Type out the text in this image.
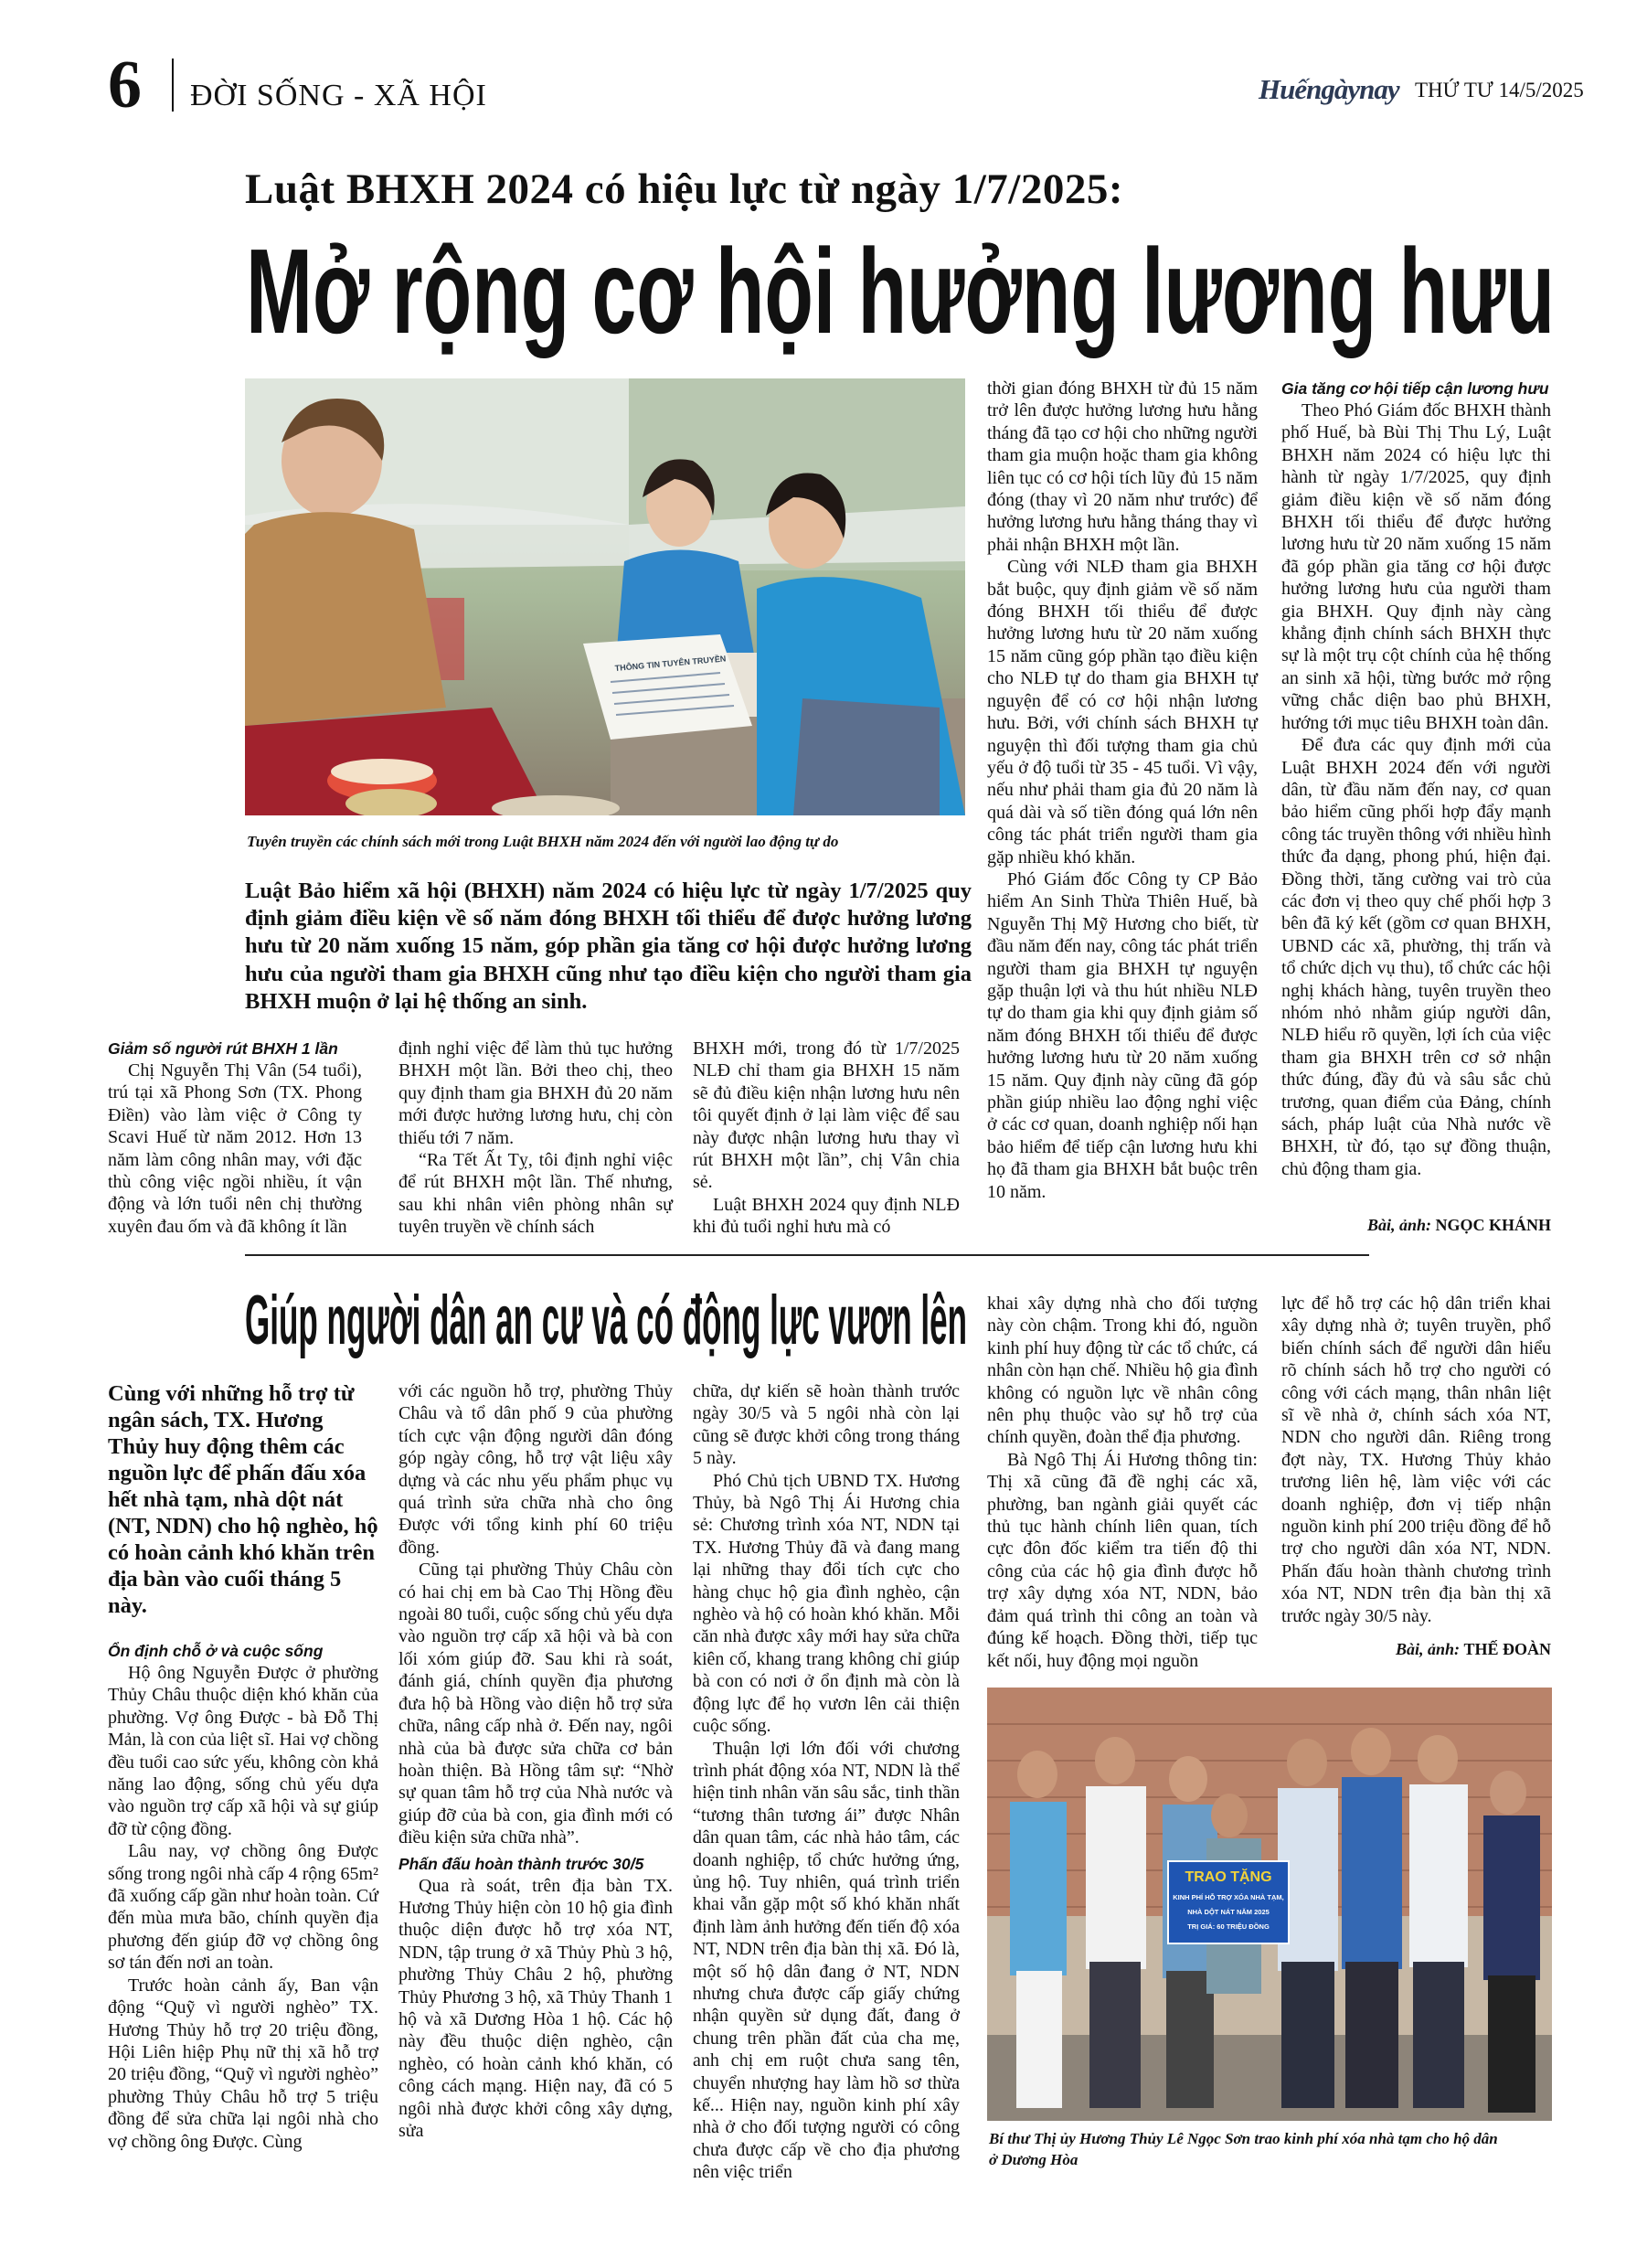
6 ĐỜI SỐNG - XÃ HỘI	Huếngàynay THỨ TƯ 14/5/2025
Luật BHXH 2024 có hiệu lực từ ngày 1/7/2025:
Mở rộng cơ hội hưởng lương hưu
THÔNG TIN TUYÊN TRUYỀN
Tuyên truyền các chính sách mới trong Luật BHXH năm 2024 đến với người lao động tự do
Luật Bảo hiểm xã hội (BHXH) năm 2024 có hiệu lực từ ngày 1/7/2025 quy định giảm điều kiện về số năm đóng BHXH tối thiểu để được hưởng lương hưu từ 20 năm xuống 15 năm, góp phần gia tăng cơ hội được hưởng lương hưu của người tham gia BHXH cũng như tạo điều kiện cho người tham gia BHXH muộn ở lại hệ thống an sinh.
Giảm số người rút BHXH 1 lần

Chị Nguyễn Thị Vân (54 tuổi), trú tại xã Phong Sơn (TX. Phong Điền) vào làm việc ở Công ty Scavi Huế từ năm 2012. Hơn 13 năm làm công nhân may, với đặc thù công việc ngồi nhiều, ít vận động và lớn tuổi nên chị thường xuyên đau ốm và đã không ít lần

định nghỉ việc để làm thủ tục hưởng BHXH một lần. Bởi theo chị, theo quy định tham gia BHXH đủ 20 năm mới được hưởng lương hưu, chị còn thiếu tới 7 năm.

“Ra Tết Ất Tỵ, tôi định nghỉ việc để rút BHXH một lần. Thế nhưng, sau khi nhân viên phòng nhân sự tuyên truyền về chính sách

BHXH mới, trong đó từ 1/7/2025 NLĐ chỉ tham gia BHXH 15 năm sẽ đủ điều kiện nhận lương hưu nên tôi quyết định ở lại làm việc để sau này được nhận lương hưu thay vì rút BHXH một lần”, chị Vân chia sẻ.

Luật BHXH 2024 quy định NLĐ khi đủ tuổi nghỉ hưu mà có

thời gian đóng BHXH từ đủ 15 năm trở lên được hưởng lương hưu hằng tháng đã tạo cơ hội cho những người tham gia muộn hoặc tham gia không liên tục có cơ hội tích lũy đủ 15 năm đóng (thay vì 20 năm như trước) để hưởng lương hưu hằng tháng thay vì phải nhận BHXH một lần.

Cùng với NLĐ tham gia BHXH bắt buộc, quy định giảm về số năm đóng BHXH tối thiểu để được hưởng lương hưu từ 20 năm xuống 15 năm cũng góp phần tạo điều kiện cho NLĐ tự do tham gia BHXH tự nguyện để có cơ hội nhận lương hưu. Bởi, với chính sách BHXH tự nguyện thì đối tượng tham gia chủ yếu ở độ tuổi từ 35 - 45 tuổi. Vì vậy, nếu như phải tham gia đủ 20 năm là quá dài và số tiền đóng quá lớn nên công tác phát triển người tham gia gặp nhiều khó khăn.

Phó Giám đốc Công ty CP Bảo hiểm An Sinh Thừa Thiên Huế, bà Nguyễn Thị Mỹ Hương cho biết, từ đầu năm đến nay, công tác phát triển người tham gia BHXH tự nguyện gặp thuận lợi và thu hút nhiều NLĐ tự do tham gia khi quy định giảm số năm đóng BHXH tối thiểu để được hưởng lương hưu từ 20 năm xuống 15 năm. Quy định này cũng đã góp phần giúp nhiều lao động nghỉ việc ở các cơ quan, doanh nghiệp nối hạn bảo hiểm để tiếp cận lương hưu khi họ đã tham gia BHXH bắt buộc trên 10 năm.

Gia tăng cơ hội tiếp cận lương hưu

Theo Phó Giám đốc BHXH thành phố Huế, bà Bùi Thị Thu Lý, Luật BHXH năm 2024 có hiệu lực thi hành từ ngày 1/7/2025, quy định giảm điều kiện về số năm đóng BHXH tối thiểu để được hưởng lương hưu từ 20 năm xuống 15 năm đã góp phần gia tăng cơ hội được hưởng lương hưu của người tham gia BHXH. Quy định này càng khẳng định chính sách BHXH thực sự là một trụ cột chính của hệ thống an sinh xã hội, từng bước mở rộng vững chắc diện bao phủ BHXH, hướng tới mục tiêu BHXH toàn dân.

Để đưa các quy định mới của Luật BHXH 2024 đến với người dân, từ đầu năm đến nay, cơ quan bảo hiểm cũng phối hợp đẩy mạnh công tác truyền thông với nhiều hình thức đa dạng, phong phú, hiện đại. Đồng thời, tăng cường vai trò của các đơn vị theo quy chế phối hợp 3 bên đã ký kết (gồm cơ quan BHXH, UBND các xã, phường, thị trấn và tổ chức dịch vụ thu), tổ chức các hội nghị khách hàng, tuyên truyền theo nhóm nhỏ nhằm giúp người dân, NLĐ hiểu rõ quyền, lợi ích của việc tham gia BHXH trên cơ sở nhận thức đúng, đầy đủ và sâu sắc chủ trương, quan điểm của Đảng, chính sách, pháp luật của Nhà nước về BHXH, từ đó, tạo sự đồng thuận, chủ động tham gia.

Bài, ảnh: NGỌC KHÁNH
Giúp người dân an cư và có động lực vươn lên
Cùng với những hỗ trợ từ ngân sách, TX. Hương Thủy huy động thêm các nguồn lực để phấn đấu xóa hết nhà tạm, nhà dột nát (NT, NDN) cho hộ nghèo, hộ có hoàn cảnh khó khăn trên địa bàn vào cuối tháng 5 này.
Ổn định chỗ ở và cuộc sống

Hộ ông Nguyễn Được ở phường Thủy Châu thuộc diện khó khăn của phường. Vợ ông Được - bà Đỗ Thị Mản, là con của liệt sĩ. Hai vợ chồng đều tuổi cao sức yếu, không còn khả năng lao động, sống chủ yếu dựa vào nguồn trợ cấp xã hội và sự giúp đỡ từ cộng đồng.

Lâu nay, vợ chồng ông Được sống trong ngôi nhà cấp 4 rộng 65m² đã xuống cấp gần như hoàn toàn. Cứ đến mùa mưa bão, chính quyền địa phương đến giúp đỡ vợ chồng ông sơ tán đến nơi an toàn.

Trước hoàn cảnh ấy, Ban vận động “Quỹ vì người nghèo” TX. Hương Thủy hỗ trợ 20 triệu đồng, Hội Liên hiệp Phụ nữ thị xã hỗ trợ 20 triệu đồng, “Quỹ vì người nghèo” phường Thủy Châu hỗ trợ 5 triệu đồng để sửa chữa lại ngôi nhà cho vợ chồng ông Được. Cùng

với các nguồn hỗ trợ, phường Thủy Châu và tổ dân phố 9 của phường tích cực vận động người dân đóng góp ngày công, hỗ trợ vật liệu xây dựng và các nhu yếu phẩm phục vụ quá trình sửa chữa nhà cho ông Được với tổng kinh phí 60 triệu đồng.

Cũng tại phường Thủy Châu còn có hai chị em bà Cao Thị Hồng đều ngoài 80 tuổi, cuộc sống chủ yếu dựa vào nguồn trợ cấp xã hội và bà con lối xóm giúp đỡ. Sau khi rà soát, đánh giá, chính quyền địa phương đưa hộ bà Hồng vào diện hỗ trợ sửa chữa, nâng cấp nhà ở. Đến nay, ngôi nhà của bà được sửa chữa cơ bản hoàn thiện. Bà Hồng tâm sự: “Nhờ sự quan tâm hỗ trợ của Nhà nước và giúp đỡ của bà con, gia đình mới có điều kiện sửa chữa nhà”.

Phấn đấu hoàn thành trước 30/5

Qua rà soát, trên địa bàn TX. Hương Thủy hiện còn 10 hộ gia đình thuộc diện được hỗ trợ xóa NT, NDN, tập trung ở xã Thủy Phù 3 hộ, phường Thủy Châu 2 hộ, phường Thủy Phương 3 hộ, xã Thủy Thanh 1 hộ và xã Dương Hòa 1 hộ. Các hộ này đều thuộc diện nghèo, cận nghèo, có hoàn cảnh khó khăn, có công cách mạng. Hiện nay, đã có 5 ngôi nhà được khởi công xây dựng, sửa

chữa, dự kiến sẽ hoàn thành trước ngày 30/5 và 5 ngôi nhà còn lại cũng sẽ được khởi công trong tháng 5 này.

Phó Chủ tịch UBND TX. Hương Thủy, bà Ngô Thị Ái Hương chia sẻ: Chương trình xóa NT, NDN tại TX. Hương Thủy đã và đang mang lại những thay đổi tích cực cho hàng chục hộ gia đình nghèo, cận nghèo và hộ có hoàn khó khăn. Mỗi căn nhà được xây mới hay sửa chữa kiên cố, khang trang không chỉ giúp bà con có nơi ở ổn định mà còn là động lực để họ vươn lên cải thiện cuộc sống.

Thuận lợi lớn đối với chương trình phát động xóa NT, NDN là thể hiện tinh nhân văn sâu sắc, tinh thần “tương thân tương ái” được Nhân dân quan tâm, các nhà hảo tâm, các doanh nghiệp, tổ chức hưởng ứng, ủng hộ. Tuy nhiên, quá trình triển khai vẫn gặp một số khó khăn nhất định làm ảnh hưởng đến tiến độ xóa NT, NDN trên địa bàn thị xã. Đó là, một số hộ dân đang ở NT, NDN nhưng chưa được cấp giấy chứng nhận quyền sử dụng đất, đang ở chung trên phần đất của cha mẹ, anh chị em ruột chưa sang tên, chuyển nhượng hay làm hồ sơ thừa kế... Hiện nay, nguồn kinh phí xây nhà ở cho đối tượng người có công chưa được cấp về cho địa phương nên việc triển

khai xây dựng nhà cho đối tượng này còn chậm. Trong khi đó, nguồn kinh phí huy động từ các tổ chức, cá nhân còn hạn chế. Nhiều hộ gia đình không có nguồn lực về nhân công nên phụ thuộc vào sự hỗ trợ của chính quyền, đoàn thể địa phương.

Bà Ngô Thị Ái Hương thông tin: Thị xã cũng đã đề nghị các xã, phường, ban ngành giải quyết các thủ tục hành chính liên quan, tích cực đôn đốc kiểm tra tiến độ thi công của các hộ gia đình được hỗ trợ xây dựng xóa NT, NDN, bảo đảm quá trình thi công an toàn và đúng kế hoạch. Đồng thời, tiếp tục kết nối, huy động mọi nguồn

lực để hỗ trợ các hộ dân triển khai xây dựng nhà ở; tuyên truyền, phổ biến chính sách để người dân hiểu rõ chính sách hỗ trợ cho người có công với cách mạng, thân nhân liệt sĩ về nhà ở, chính sách xóa NT, NDN cho người dân. Riêng trong đợt này, TX. Hương Thủy khảo trương liên hệ, làm việc với các doanh nghiệp, đơn vị tiếp nhận nguồn kinh phí 200 triệu đồng để hỗ trợ cho người dân xóa NT, NDN. Phấn đấu hoàn thành chương trình xóa NT, NDN trên địa bàn thị xã trước ngày 30/5 này.

Bài, ảnh: THẾ ĐOÀN
TRAO TẶNG
KINH PHÍ HỖ TRỢ XÓA NHÀ TẠM,
NHÀ DỘT NÁT NĂM 2025
TRỊ GIÁ: 60 TRIỆU ĐỒNG
Bí thư Thị ủy Hương Thủy Lê Ngọc Sơn trao kinh phí xóa nhà tạm cho hộ dân ở Dương Hòa
